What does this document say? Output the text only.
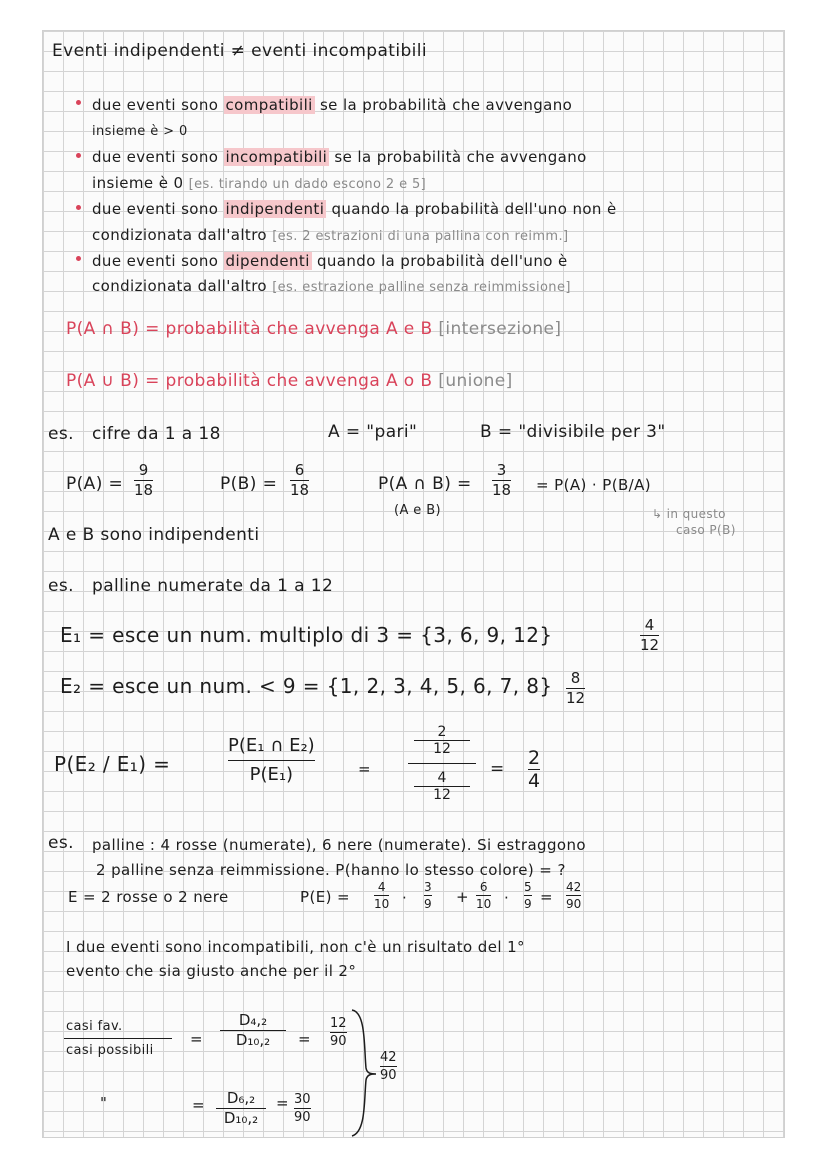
Eventi indipendenti ≠ eventi incompatibili
due eventi sono compatibili se la probabilità che avvengano
insieme è > 0
due eventi sono incompatibili se la probabilità che avvengano
insieme è 0 [es. tirando un dado escono 2 e 5]
due eventi sono indipendenti quando la probabilità dell'uno non è
condizionata dall'altro [es. 2 estrazioni di una pallina con reimm.]
due eventi sono dipendenti quando la probabilità dell'uno è
condizionata dall'altro [es. estrazione palline senza reimmissione]
P(A ∩ B) = probabilità che avvenga A e B [intersezione]
P(A ∪ B) = probabilità che avvenga A o B [unione]
es. cifre da 1 a 18	A = "pari"	B = "divisibile per 3"
P(A) =
9
18	P(B) =
6
18	P(A ∩ B) =
3
18
(A e B)
= P(A) · P(B/A)
↳ in questo
caso P(B)
A e B sono indipendenti
es. palline numerate da 1 a 12
E₁ = esce un num. multiplo di 3 = {3, 6, 9, 12}	4
12
E₂ = esce un num. < 9 = {1, 2, 3, 4, 5, 6, 7, 8} 8
12
P(E₂ / E₁) =
P(E₁ ∩ E₂)
P(E₁)	=
2
12
4
12
= 2
4
es. palline : 4 rosse (numerate), 6 nere (numerate). Si estraggono
2 palline senza reimmissione. P(hanno lo stesso colore) = ?
E = 2 rosse o 2 nere	P(E) =
4
10 ·
3
9 +
6
10 ·
5
9 =
42
90
I due eventi sono incompatibili, non c'è un risultato del 1°
evento che sia giusto anche per il 2°
casi fav.
casi possibili
=
D₄,₂
D₁₀,₂ =
12
90
"	= D₆,₂
D₁₀,₂
= 30
90
42
90
